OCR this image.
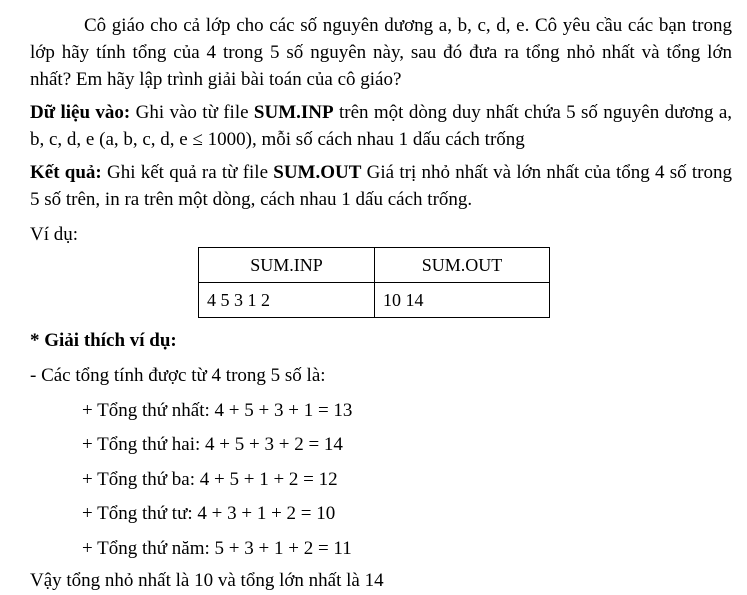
Cô giáo cho cả lớp cho các số nguyên dương a, b, c, d, e. Cô yêu cầu các bạn trong lớp hãy tính tổng của 4 trong 5 số nguyên này, sau đó đưa ra tổng nhỏ nhất và tổng lớn nhất? Em hãy lập trình giải bài toán của cô giáo?

Dữ liệu vào: Ghi vào từ file SUM.INP trên một dòng duy nhất chứa 5 số nguyên dương a, b, c, d, e (a, b, c, d, e ≤ 1000), mỗi số cách nhau 1 dấu cách trống

Kết quả: Ghi kết quả ra từ file SUM.OUT Giá trị nhỏ nhất và lớn nhất của tổng 4 số trong 5 số trên, in ra trên một dòng, cách nhau 1 dấu cách trống.

Ví dụ:
SUM.INP	SUM.OUT
4 5 3 1 2	10 14
* Giải thích ví dụ:
- Các tổng tính được từ 4 trong 5 số là:
+ Tổng thứ nhất: 4 + 5 + 3 + 1 = 13
+ Tổng thứ hai: 4 + 5 + 3 + 2 = 14
+ Tổng thứ ba: 4 + 5 + 1 + 2 = 12
+ Tổng thứ tư: 4 + 3 + 1 + 2 = 10
+ Tổng thứ năm: 5 + 3 + 1 + 2 = 11
Vậy tổng nhỏ nhất là 10 và tổng lớn nhất là 14
